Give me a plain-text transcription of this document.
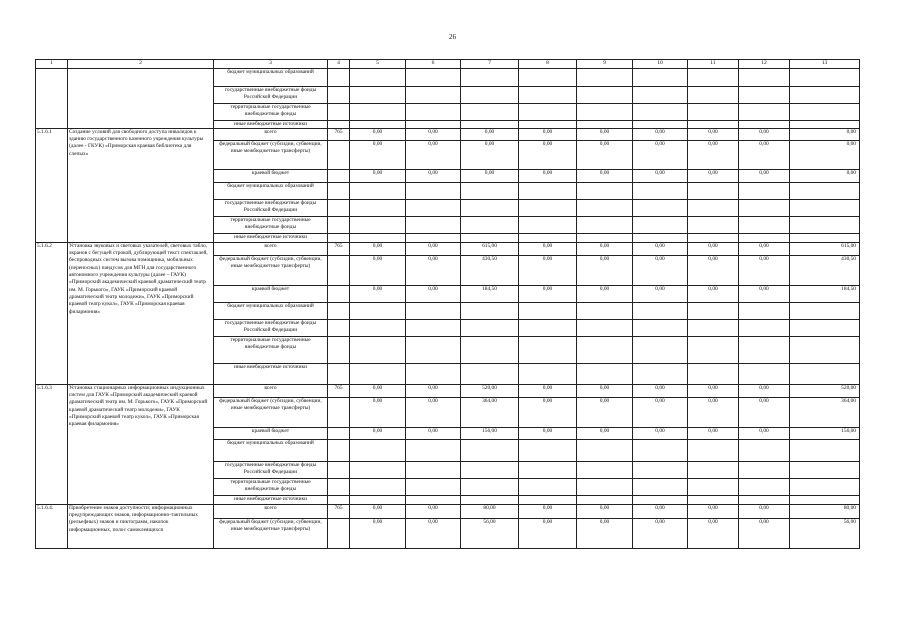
26
1	2	3	4	5	6	7	8	9	10	11	12	13
		бюджет муниципальных образований										
		государственные внебюджетные фонды Российской Федерации										
		территориальные государственные внебюджетные фонды										
		иные внебюджетные источники										
5.1.6.1	Создание условий для свободного доступа инвалидов к зданию государственного казенного учреждения культуры (далее - ГКУК) «Приморская краевая библиотека для слепых»	всего	765	0,00	0,00	0,00	0,00	0,00	0,00	0,00	0,00	0,00
		федеральный бюджет (субсидии, субвенции, иные межбюджетные трансферты)		0,00	0,00	0,00	0,00	0,00	0,00	0,00	0,00	0,00
		краевой бюджет		0,00	0,00	0,00	0,00	0,00	0,00	0,00	0,00	0,00
		бюджет муниципальных образований										
		государственные внебюджетные фонды Российской Федерации										
		территориальные государственные внебюджетные фонды										
		иные внебюджетные источники										
5.1.6.2	Установка звуковых и световых указателей, световых табло, экранов с бегущей строкой, дублирующей текст спектаклей, беспроводных систем вызова помощника, мобильных (переносных) пандусов для МГН для государственного автономного учреждения культуры (далее – ГАУК) «Приморский академический краевой драматический театр им. М. Горького», ГАУК «Приморский краевой драматический театр молодежи», ГАУК «Приморский краевой театр кукол», ГАУК «Приморская краевая филармония»	всего	765	0,00	0,00	615,00	0,00	0,00	0,00	0,00	0,00	615,00
		федеральный бюджет (субсидии, субвенции, иные межбюджетные трансферты)		0,00	0,00	430,50	0,00	0,00	0,00	0,00	0,00	430,50
		краевой бюджет		0,00	0,00	184,50	0,00	0,00	0,00	0,00	0,00	184,50
		бюджет муниципальных образований										
		государственные внебюджетные фонды Российской Федерации										
		территориальные государственные внебюджетные фонды										
		иные внебюджетные источники										
5.1.6.3	Установка стационарных информационных индукционных систем для ГАУК «Приморский академический краевой драматический театр им. М. Горького», ГАУК «Приморский краевой драматический театр молодежи», ГАУК «Приморский краевой театр кукол», ГАУК «Приморская краевая филармония»	всего	765	0,00	0,00	520,00	0,00	0,00	0,00	0,00	0,00	520,00
		федеральный бюджет (субсидии, субвенции, иные межбюджетные трансферты)		0,00	0,00	364,00	0,00	0,00	0,00	0,00	0,00	364,00
		краевой бюджет		0,00	0,00	156,00	0,00	0,00	0,00	0,00	0,00	156,00
		бюджет муниципальных образований										
		государственные внебюджетные фонды Российской Федерации										
		территориальные государственные внебюджетные фонды										
		иные внебюджетные источники										
5.1.6.4.	Приобретение знаков доступности; информационных предупреждающих знаков, информационно-тактильных (рельефных) знаков и пиктограмм, накопок информационных, полос самоклеящихся	всего	765	0,00	0,00	80,00	0,00	0,00	0,00	0,00	0,00	80,00
		федеральный бюджет (субсидии, субвенции, иные межбюджетные трансферты)		0,00	0,00	56,00	0,00	0,00	0,00	0,00	0,00	56,00
